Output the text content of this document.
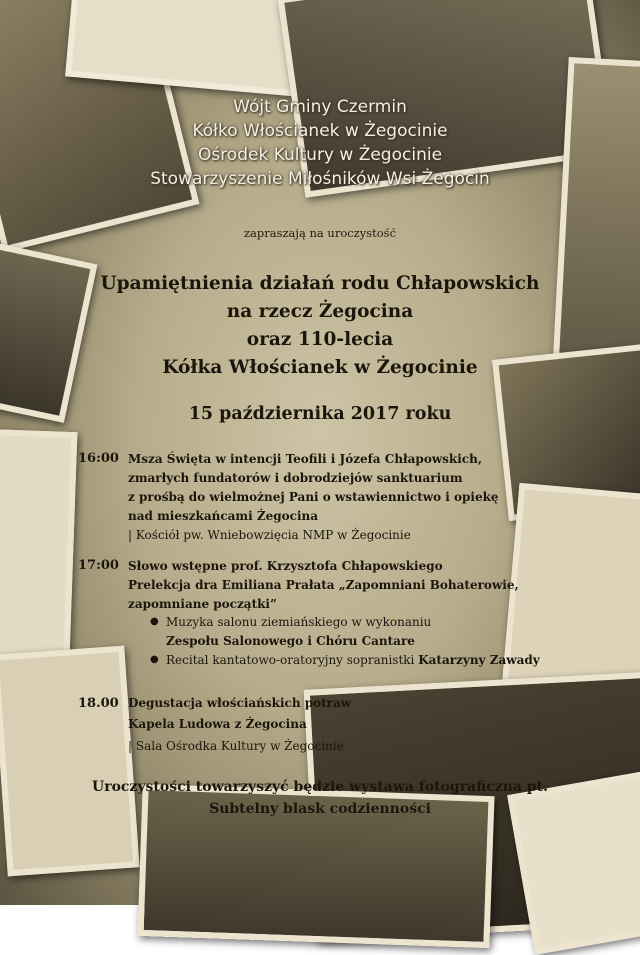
Wójt Gminy Czermin
Kółko Włościanek w Żegocinie
Ośrodek Kultury w Żegocinie
Stowarzyszenie Miłośników Wsi Żegocin
zapraszają na uroczystość
Upamiętnienia działań rodu Chłapowskich
na rzecz Żegocina
oraz 110-lecia
Kółka Włościanek w Żegocinie
15 października 2017 roku
16:00 Msza Święta w intencji Teofili i Józefa Chłapowskich,
zmarłych fundatorów i dobrodziejów sanktuarium
z prośbą do wielmożnej Pani o wstawiennictwo i opiekę
nad mieszkańcami Żegocina
| Kościół pw. Wniebowzięcia NMP w Żegocinie
17:00 Słowo wstępne prof. Krzysztofa Chłapowskiego
Prelekcja dra Emiliana Prałata „Zapomniani Bohaterowie,
zapomniane początki”
● Muzyka salonu ziemiańskiego w wykonaniu
Zespołu Salonowego i Chóru Cantare
● Recital kantatowo-oratoryjny sopranistki Katarzyny Zawady
18.00 Degustacja włościańskich potraw
Kapela Ludowa z Żegocina
| Sala Ośrodka Kultury w Żegocinie
Uroczystości towarzyszyć będzie wystawa fotograficzna pt.
Subtelny blask codzienności
